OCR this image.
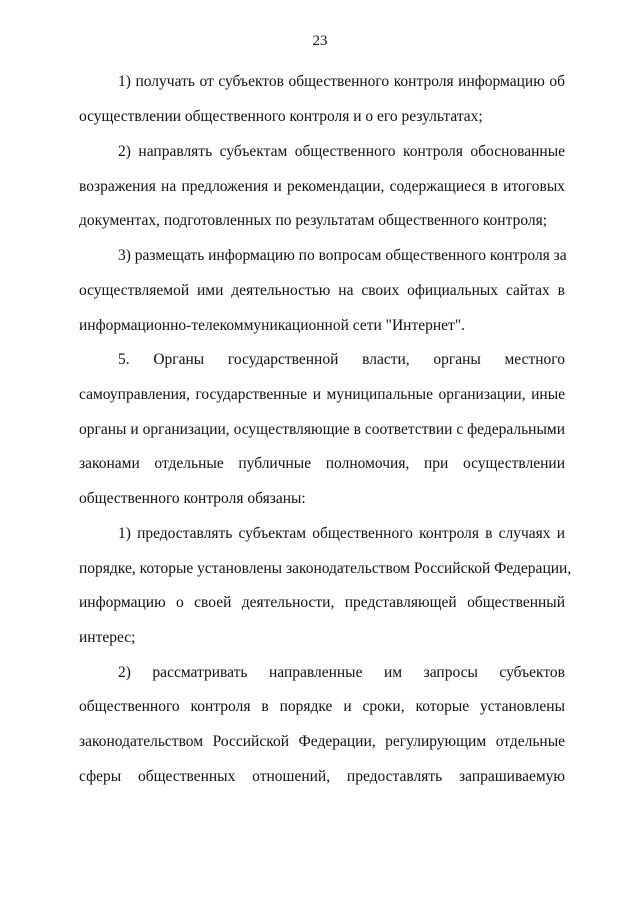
23
1) получать от субъектов общественного контроля информацию об
осуществлении общественного контроля и о его результатах;
2) направлять субъектам общественного контроля обоснованные
возражения на предложения и рекомендации, содержащиеся в итоговых
документах, подготовленных по результатам общественного контроля;
3) размещать информацию по вопросам общественного контроля за
осуществляемой ими деятельностью на своих официальных сайтах в
информационно-телекоммуникационной сети "Интернет".
5. Органы государственной власти, органы местного
самоуправления, государственные и муниципальные организации, иные
органы и организации, осуществляющие в соответствии с федеральными
законами отдельные публичные полномочия, при осуществлении
общественного контроля обязаны:
1) предоставлять субъектам общественного контроля в случаях и
порядке, которые установлены законодательством Российской Федерации,
информацию о своей деятельности, представляющей общественный
интерес;
2) рассматривать направленные им запросы субъектов
общественного контроля в порядке и сроки, которые установлены
законодательством Российской Федерации, регулирующим отдельные
сферы общественных отношений, предоставлять запрашиваемую
